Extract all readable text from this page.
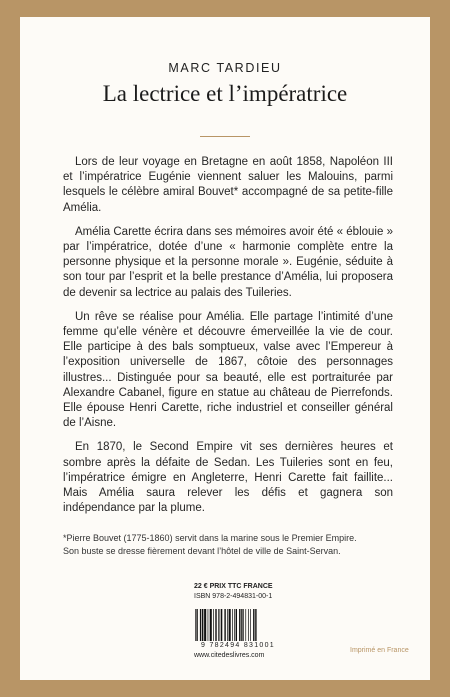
MARC TARDIEU
La lectrice et l’impératrice

Lors de leur voyage en Bretagne en août 1858, Napoléon III et l’impératrice Eugénie viennent saluer les Malouins, parmi lesquels le célèbre amiral Bouvet* accompagné de sa petite-fille Amélia.

Amélia Carette écrira dans ses mémoires avoir été « éblouie » par l’impératrice, dotée d’une « harmonie complète entre la personne physique et la personne morale ». Eugénie, séduite à son tour par l’esprit et la belle prestance d’Amélia, lui proposera de devenir sa lectrice au palais des Tuileries.

Un rêve se réalise pour Amélia. Elle partage l’intimité d’une femme qu’elle vénère et découvre émerveillée la vie de cour. Elle participe à des bals somptueux, valse avec l’Empereur à l’exposition universelle de 1867, côtoie des personnages illustres... Distinguée pour sa beauté, elle est portraiturée par Alexandre Cabanel, figure en statue au château de Pierrefonds. Elle épouse Henri Carette, riche industriel et conseiller général de l’Aisne.

En 1870, le Second Empire vit ses dernières heures et sombre après la défaite de Sedan. Les Tuileries sont en feu, l’impératrice émigre en Angleterre, Henri Carette fait faillite... Mais Amélia saura relever les défis et gagnera son indépendance par la plume.

*Pierre Bouvet (1775-1860) servit dans la marine sous le Premier Empire.
Son buste se dresse fièrement devant l’hôtel de ville de Saint-Servan.
22 € PRIX TTC FRANCE
ISBN 978-2-494831-00-1
9 782494 831001
www.citedeslivres.com
Imprimé en France
